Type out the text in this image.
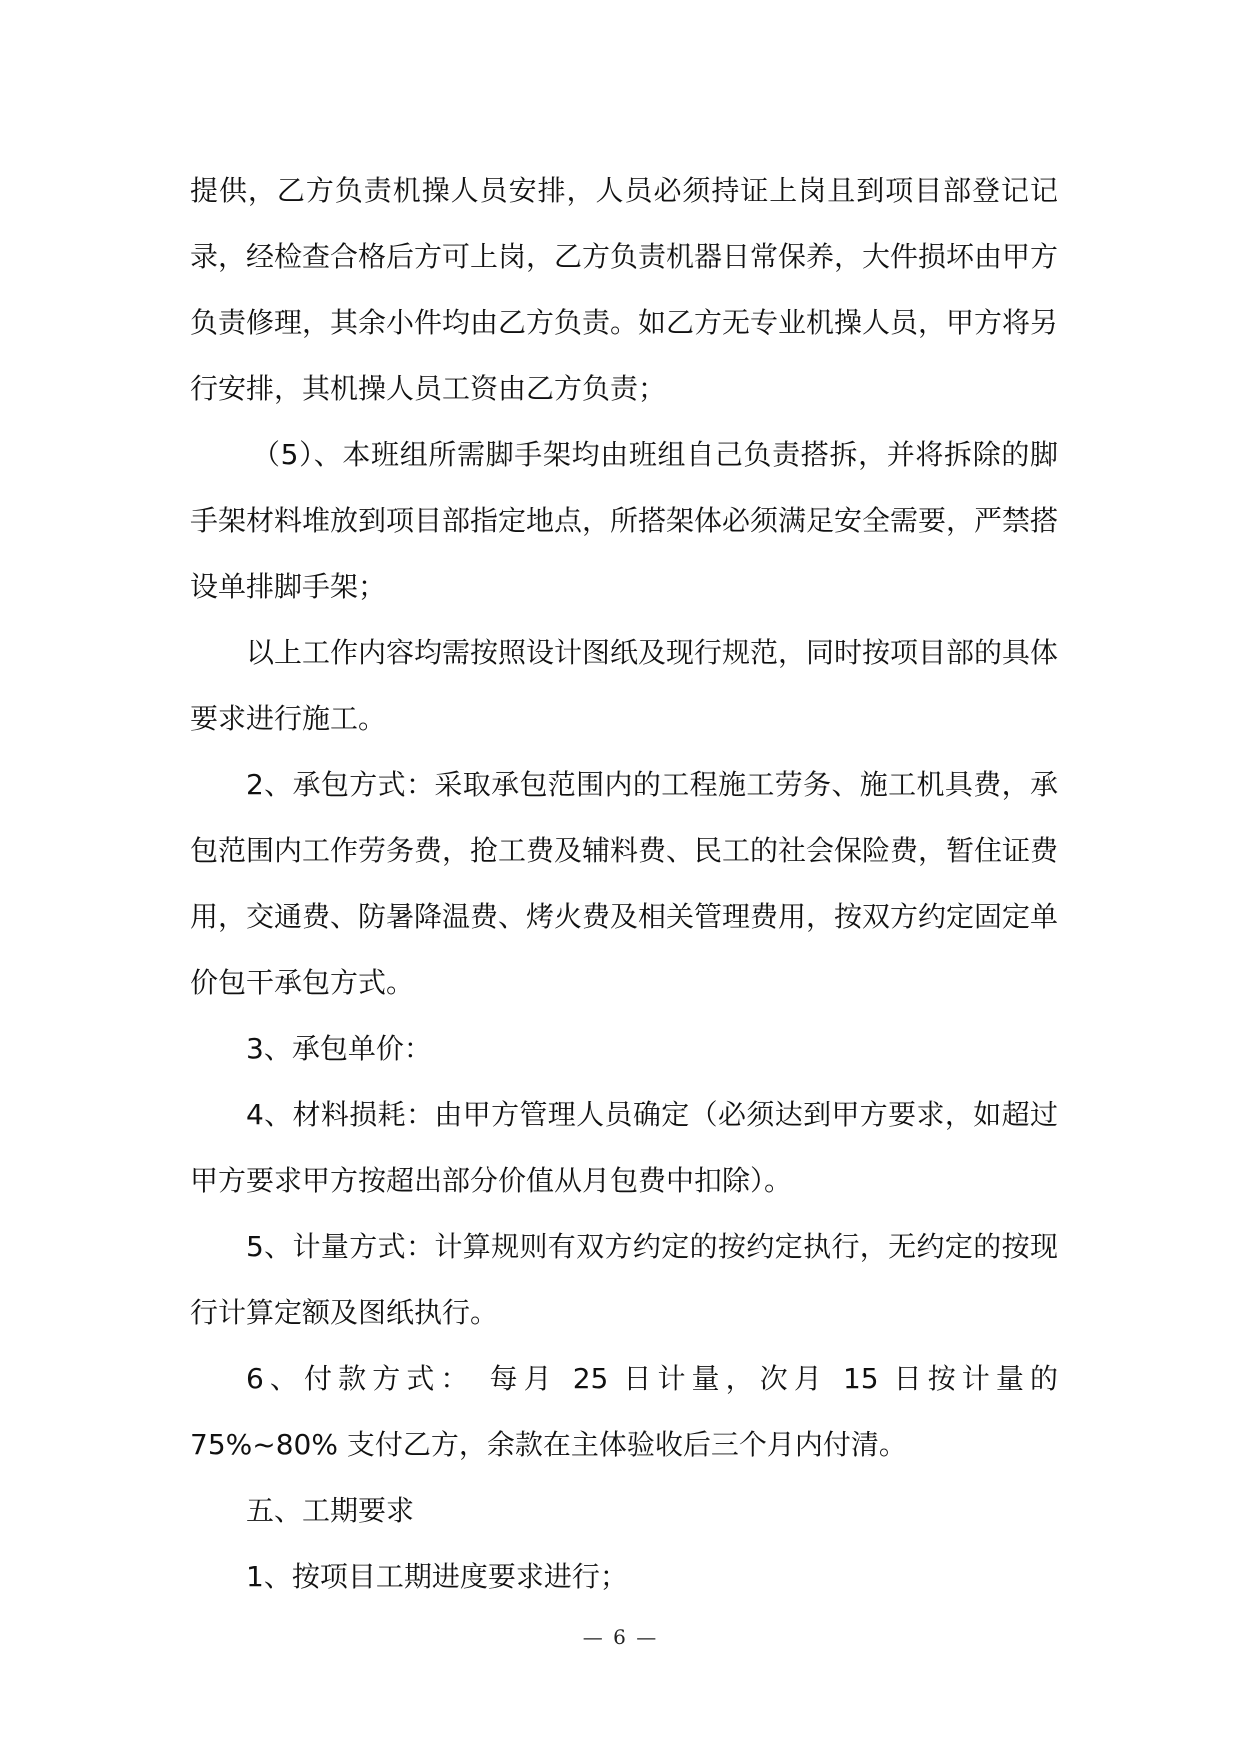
提供，乙方负责机操人员安排，人员必须持证上岗且到项目部登记记录，经检查合格后方可上岗，乙方负责机器日常保养，大件损坏由甲方负责修理，其余小件均由乙方负责。如乙方无专业机操人员，甲方将另行安排，其机操人员工资由乙方负责；

（5）、本班组所需脚手架均由班组自己负责搭拆，并将拆除的脚手架材料堆放到项目部指定地点，所搭架体必须满足安全需要，严禁搭设单排脚手架；

以上工作内容均需按照设计图纸及现行规范，同时按项目部的具体要求进行施工。

2、承包方式：采取承包范围内的工程施工劳务、施工机具费，承包范围内工作劳务费，抢工费及辅料费、民工的社会保险费，暂住证费用，交通费、防暑降温费、烤火费及相关管理费用，按双方约定固定单价包干承包方式。

3、承包单价：

4、材料损耗：由甲方管理人员确定（必须达到甲方要求，如超过甲方要求甲方按超出部分价值从月包费中扣除）。

5、计量方式：计算规则有双方约定的按约定执行，无约定的按现行计算定额及图纸执行。

6、付款方式： 每月 25 日计量，次月 15 日按计量的 75%~80% 支付乙方，余款在主体验收后三个月内付清。

五、工期要求

1、按项目工期进度要求进行；

— 6 —
